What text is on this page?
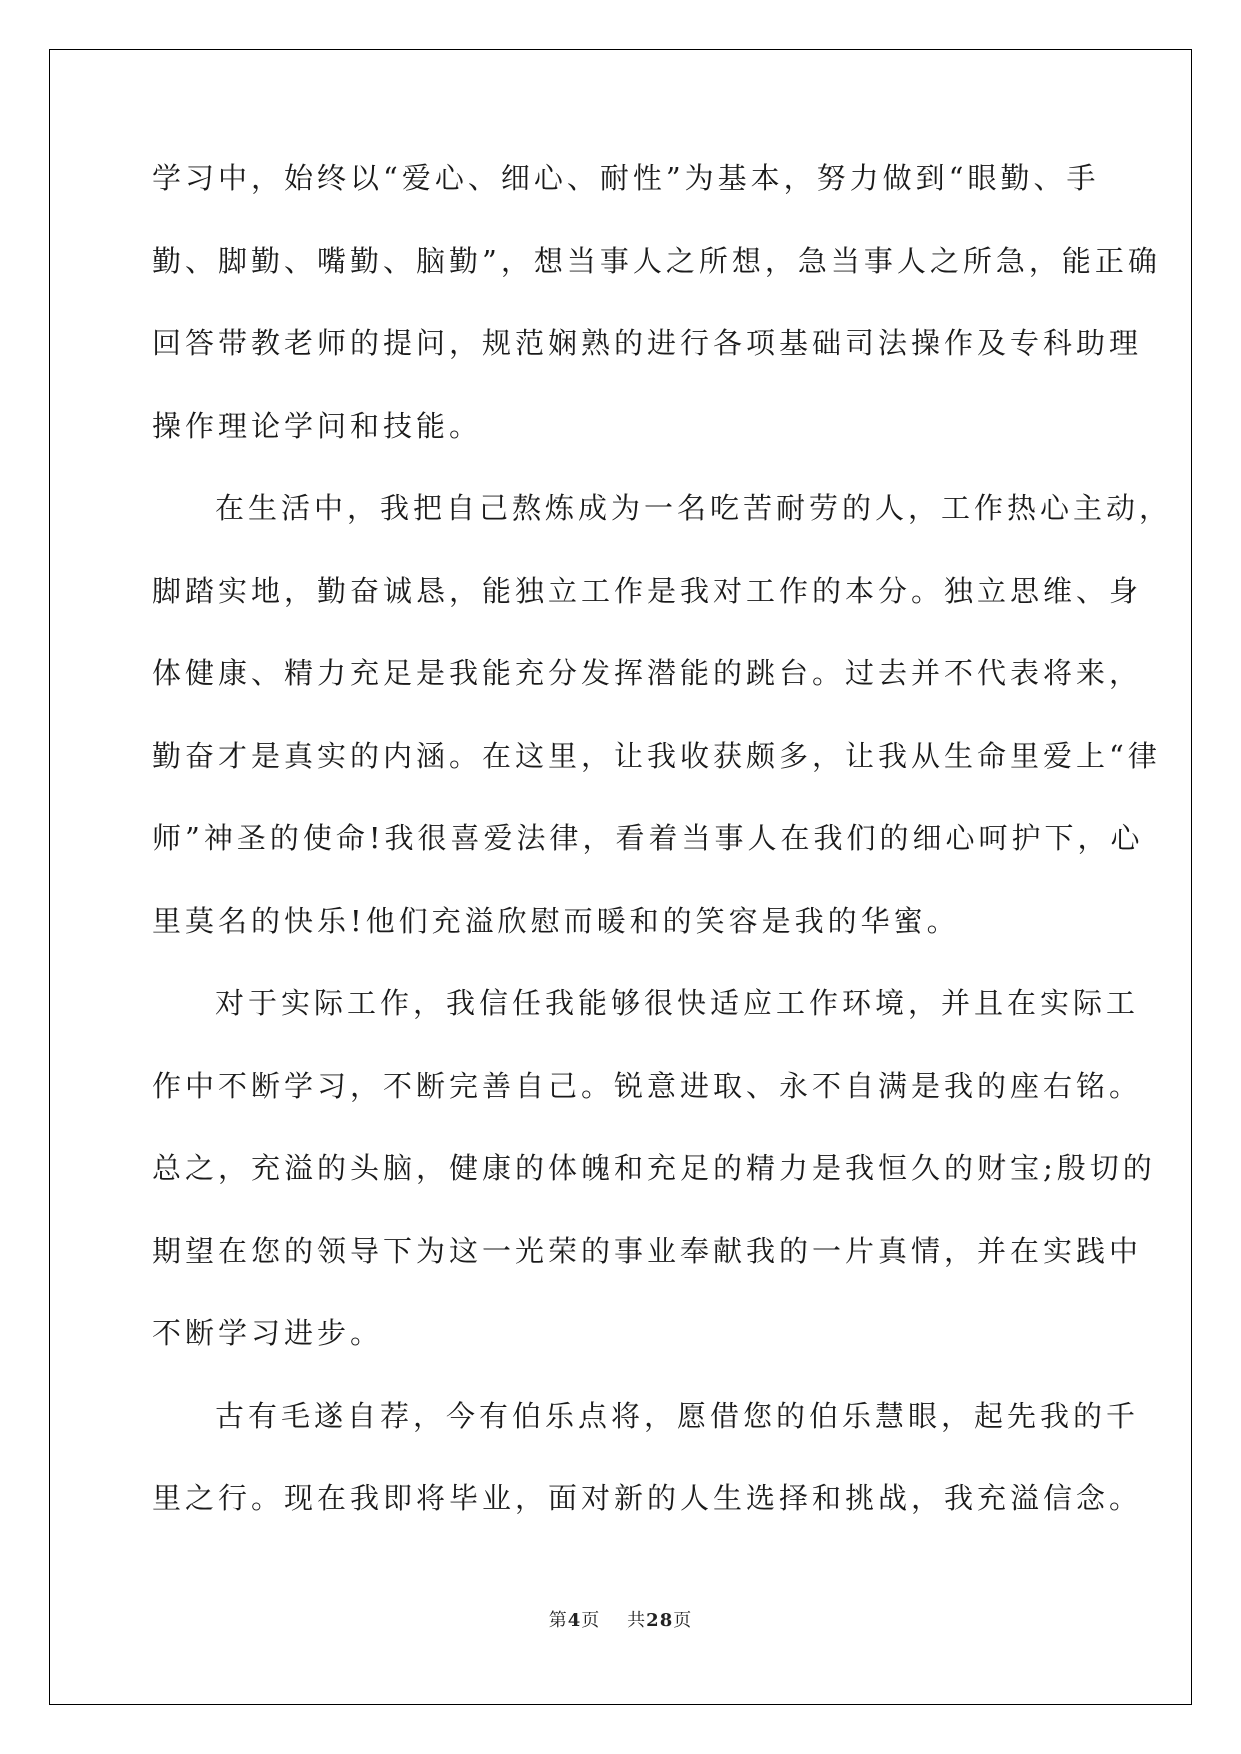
学习中，始终以“爱心、细心、耐性”为基本，努力做到“眼勤、手
勤、脚勤、嘴勤、脑勤”，想当事人之所想，急当事人之所急，能正确
回答带教老师的提问，规范娴熟的进行各项基础司法操作及专科助理
操作理论学问和技能。
在生活中，我把自己熬炼成为一名吃苦耐劳的人，工作热心主动，
脚踏实地，勤奋诚恳，能独立工作是我对工作的本分。独立思维、身
体健康、精力充足是我能充分发挥潜能的跳台。过去并不代表将来，
勤奋才是真实的内涵。在这里，让我收获颇多，让我从生命里爱上“律
师”神圣的使命!我很喜爱法律，看着当事人在我们的细心呵护下，心
里莫名的快乐!他们充溢欣慰而暖和的笑容是我的华蜜。
对于实际工作，我信任我能够很快适应工作环境，并且在实际工
作中不断学习，不断完善自己。锐意进取、永不自满是我的座右铭。
总之，充溢的头脑，健康的体魄和充足的精力是我恒久的财宝;殷切的
期望在您的领导下为这一光荣的事业奉献我的一片真情，并在实践中
不断学习进步。
古有毛遂自荐，今有伯乐点将，愿借您的伯乐慧眼，起先我的千
里之行。现在我即将毕业，面对新的人生选择和挑战，我充溢信念。
第4页 共28页
